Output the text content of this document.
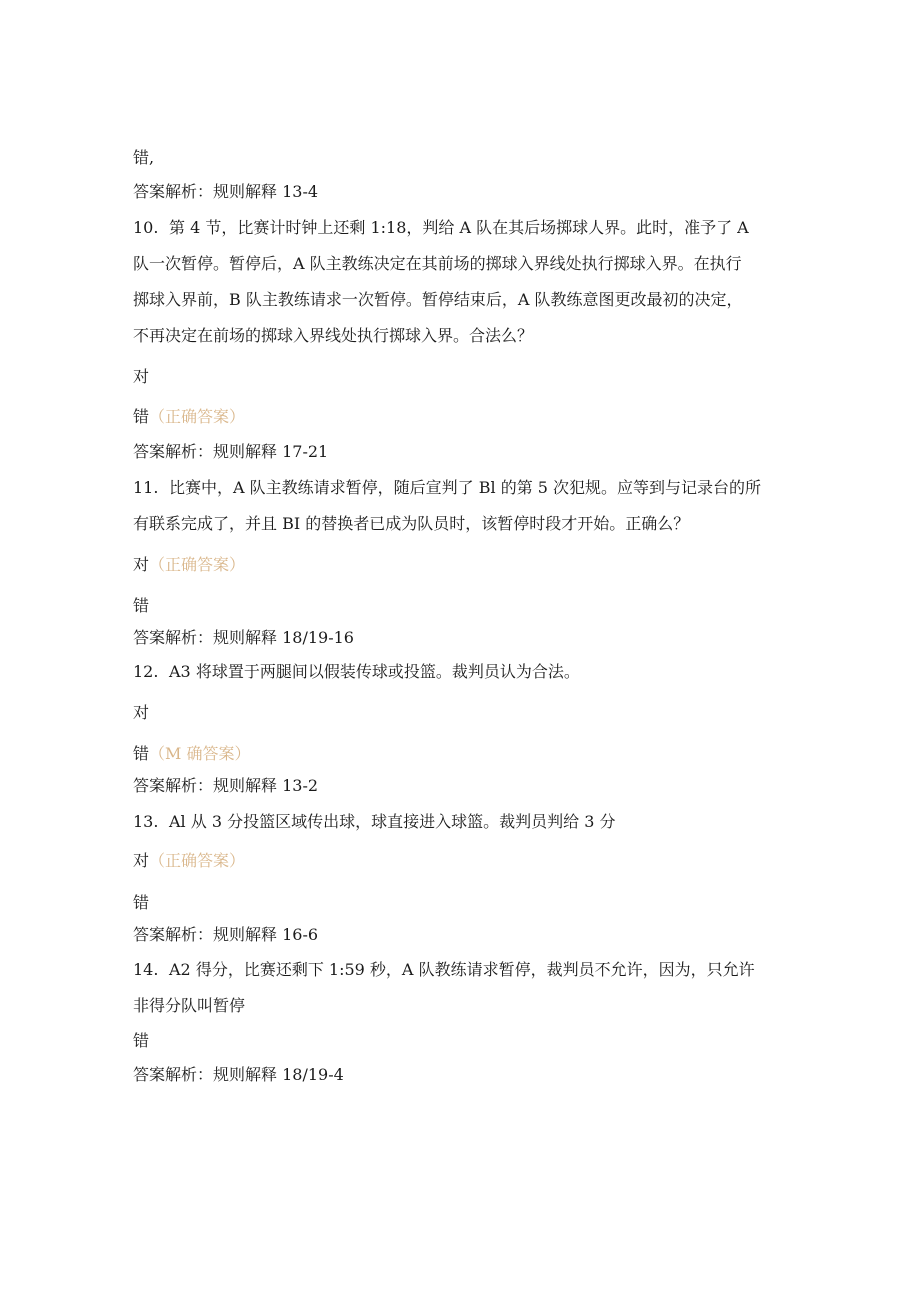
错,
答案解析：规则解释 13-4
10. 第 4 节，比赛计时钟上还剩 1:18，判给 A 队在其后场掷球人界。此时，准予了 A
队一次暂停。暂停后，A 队主教练决定在其前场的掷球入界线处执行掷球入界。在执行
掷球入界前，B 队主教练请求一次暂停。暂停结束后，A 队教练意图更改最初的决定，
不再决定在前场的掷球入界线处执行掷球入界。合法么？
对
错（正确答案）
答案解析：规则解释 17-21
11. 比赛中，A 队主教练请求暂停，随后宣判了 Bl 的第 5 次犯规。应等到与记录台的所
有联系完成了，并且 BI 的替换者已成为队员时，该暂停时段才开始。正确么？
对（正确答案）
错
答案解析：规则解释 18/19-16
12. A3 将球置于两腿间以假装传球或投篮。裁判员认为合法。
对
错（M 确答案）
答案解析：规则解释 13-2
13. Al 从 3 分投篮区域传出球，球直接进入球篮。裁判员判给 3 分
对（正确答案）
错
答案解析：规则解释 16-6
14. A2 得分，比赛还剩下 1:59 秒，A 队教练请求暂停，裁判员不允许，因为，只允许
非得分队叫暂停
错
答案解析：规则解释 18/19-4
